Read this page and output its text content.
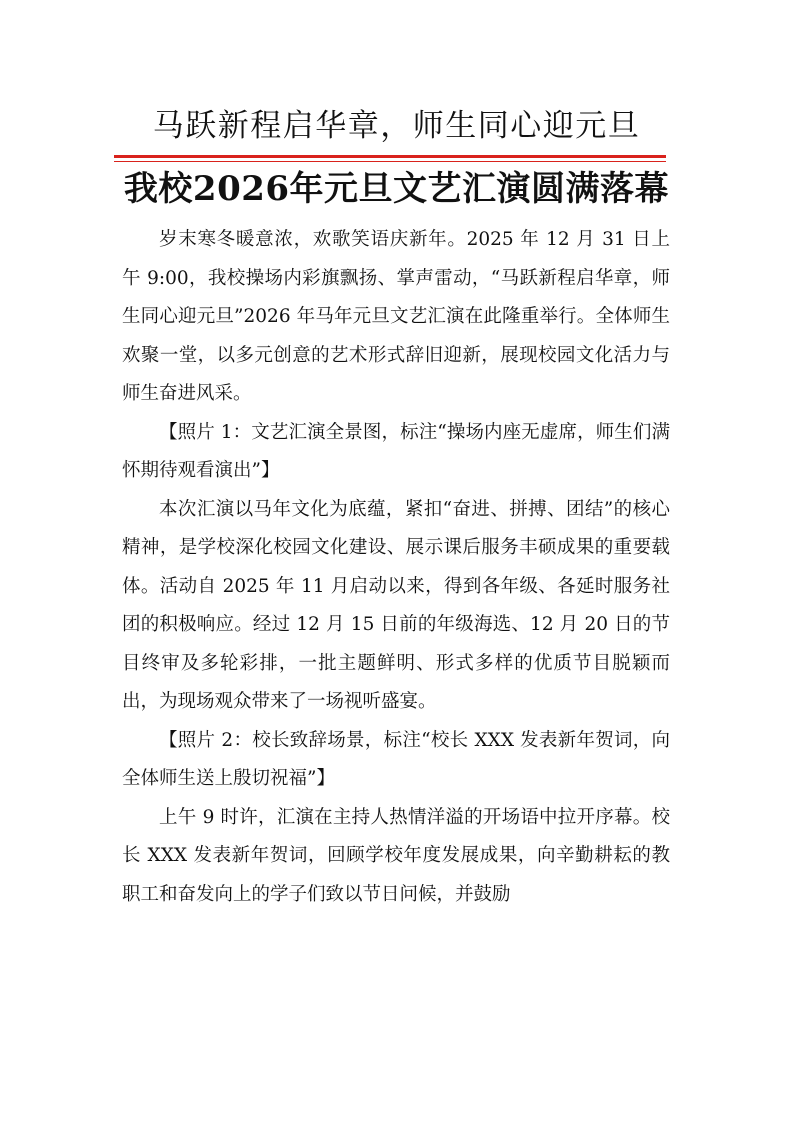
马跃新程启华章，师生同心迎元旦
我校2026年元旦文艺汇演圆满落幕

岁末寒冬暖意浓，欢歌笑语庆新年。2025 年 12 月 31 日上午 9:00，我校操场内彩旗飘扬、掌声雷动，“马跃新程启华章，师生同心迎元旦”2026 年马年元旦文艺汇演在此隆重举行。全体师生欢聚一堂，以多元创意的艺术形式辞旧迎新，展现校园文化活力与师生奋进风采。

【照片 1：文艺汇演全景图，标注“操场内座无虚席，师生们满怀期待观看演出”】

本次汇演以马年文化为底蕴，紧扣“奋进、拼搏、团结”的核心精神，是学校深化校园文化建设、展示课后服务丰硕成果的重要载体。活动自 2025 年 11 月启动以来，得到各年级、各延时服务社团的积极响应。经过 12 月 15 日前的年级海选、12 月 20 日的节目终审及多轮彩排，一批主题鲜明、形式多样的优质节目脱颖而出，为现场观众带来了一场视听盛宴。

【照片 2：校长致辞场景，标注“校长 XXX 发表新年贺词，向全体师生送上殷切祝福”】

上午 9 时许，汇演在主持人热情洋溢的开场语中拉开序幕。校长 XXX 发表新年贺词，回顾学校年度发展成果，向辛勤耕耘的教职工和奋发向上的学子们致以节日问候，并鼓励
